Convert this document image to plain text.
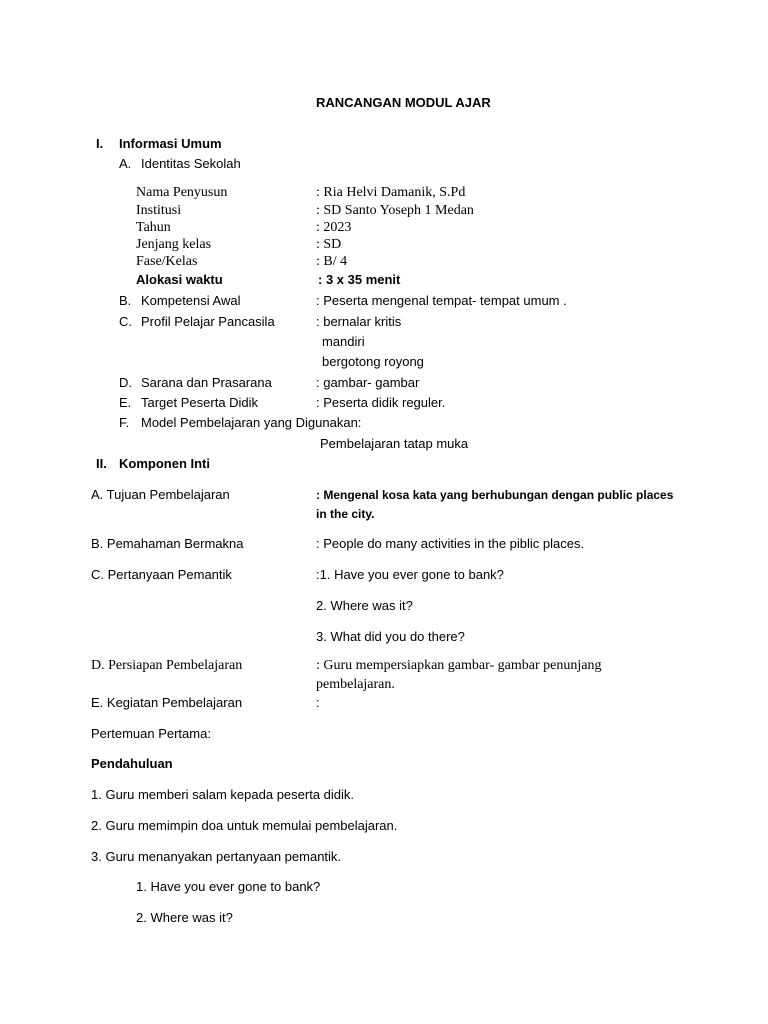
RANCANGAN MODUL AJAR
I. Informasi Umum
A. Identitas Sekolah
Nama Penyusun	: Ria Helvi Damanik, S.Pd
Institusi	: SD Santo Yoseph 1 Medan
Tahun	: 2023
Jenjang kelas	: SD
Fase/Kelas	: B/ 4
Alokasi waktu	: 3 x 35 menit
B. Kompetensi Awal	: Peserta mengenal tempat- tempat umum .
C. Profil Pelajar Pancasila	: bernalar kritis
mandiri
bergotong royong
D. Sarana dan Prasarana	: gambar- gambar
E. Target Peserta Didik	: Peserta didik reguler.
F. Model Pembelajaran yang Digunakan:
Pembelajaran tatap muka
II. Komponen Inti
A. Tujuan Pembelajaran	: Mengenal kosa kata yang berhubungan dengan public places
in the city.
B. Pemahaman Bermakna	: People do many activities in the piblic places.
C. Pertanyaan Pemantik	:1. Have you ever gone to bank?
2. Where was it?
3. What did you do there?
D. Persiapan Pembelajaran	: Guru mempersiapkan gambar- gambar penunjang
pembelajaran.
E. Kegiatan Pembelajaran	:
Pertemuan Pertama:
Pendahuluan
1. Guru memberi salam kepada peserta didik.
2. Guru memimpin doa untuk memulai pembelajaran.
3. Guru menanyakan pertanyaan pemantik.
1. Have you ever gone to bank?
2. Where was it?
